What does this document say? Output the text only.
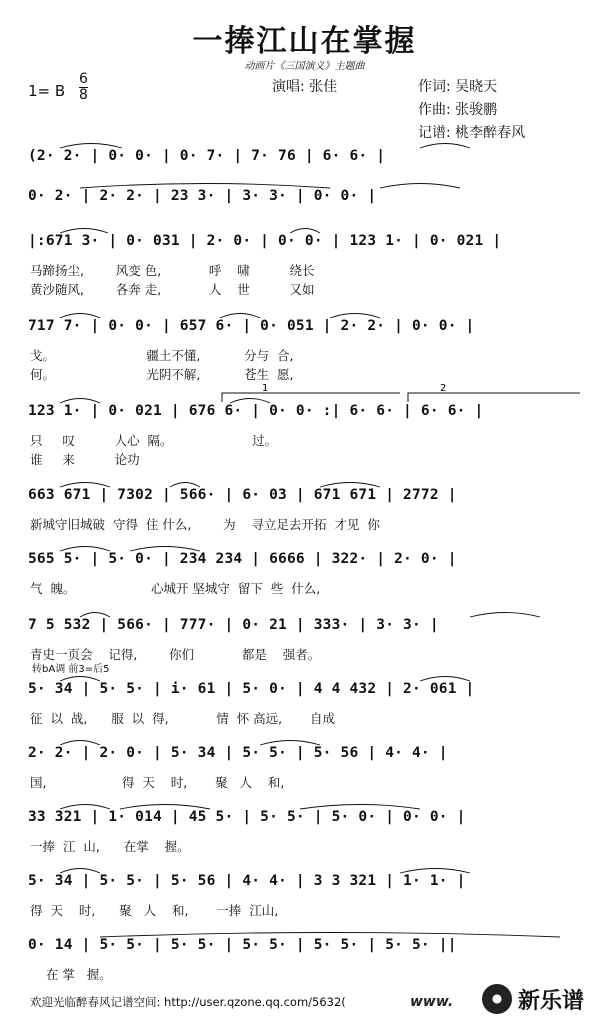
一捧江山在掌握
动画片《三国演义》主题曲
1= B $\frac{6}{8}$	演唱: 张佳	作词: 吴晓天
作曲: 张骏鹏
记谱: 桃李醉春风
1	2
(2· 2· | 0· 0· | 0· 7· | 7· 76 | 6· 6· |
0· 2· | 2· 2· | 23 3· | 3· 3· | 0· 0· |
|:671 3· | 0· 031 | 2· 0· | 0· 0· | 123 1· | 0· 021 |
马蹄扬尘,        风变 色,            呼    啸          绕长
黄沙随风,        各奔 走,            人    世          又如
717 7· | 0· 0· | 657 6· | 0· 051 | 2· 2· | 0· 0· |
戈。                       疆土不懂,           分与  合,
何。                       光阴不解,           苍生  愿,
123 1· | 0· 021 | 676 6· | 0· 0· :| 6· 6· | 6· 6· |
只     叹          人心  隔。                    过。
谁     来          论功
663 671 | 7302 | 566· | 6· 03 | 671 671 | 2772 |
新城守旧城破  守得  住 什么,        为    寻立足去开拓  才见  你
565 5· | 5· 0· | 234 234 | 6666 | 322· | 2· 0· |
气  魄。                   心城开 坚城守  留下  些  什么,
7 5 532 | 566· | 777· | 0· 21 | 333· | 3· 3· |
青史一页会    记得,        你们            都是    强者。
5· 34 | 5· 5· | i· 61 | 5· 0· | 4 4 432 | 2· 061 |
征  以  战,      服  以  得,            情  怀 高远,       自成
2· 2· | 2· 0· | 5· 34 | 5· 5· | 5· 56 | 4· 4· |
国,                   得  天    时,       聚   人    和,
33 321 | 1· 014 | 45 5· | 5· 5· | 5· 0· | 0· 0· |
一捧  江  山,      在掌    握。
5· 34 | 5· 5· | 5· 56 | 4· 4· | 3 3 321 | 1· 1· |
得  天    时,      聚   人    和,       一捧  江山,
0· 14 | 5· 5· | 5· 5· | 5· 5· | 5· 5· | 5· 5· ||
在 掌   握。
转bA调 前3=后5
欢迎光临醉春风记谱空间: http://user.qzone.qq.com/5632(	www.	新乐谱
